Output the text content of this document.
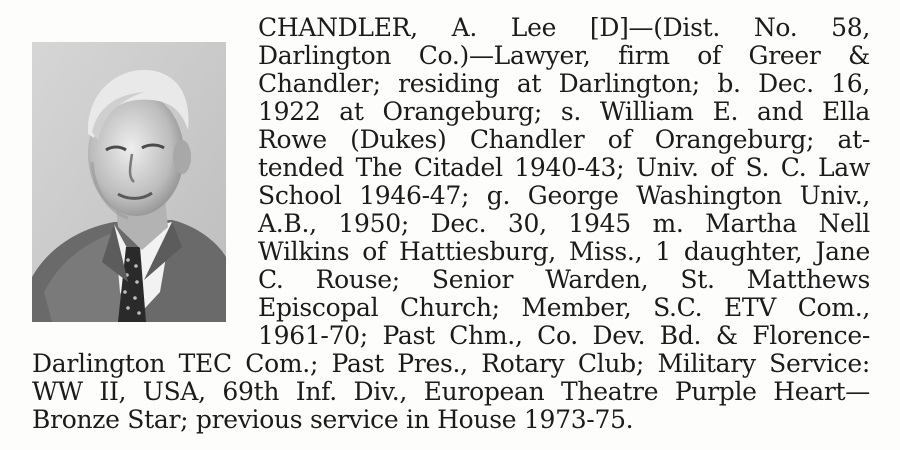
CHANDLER, A. Lee [D]—(Dist. No. 58,
Darlington Co.)—Lawyer, firm of Greer &
Chandler; residing at Darlington; b. Dec. 16,
1922 at Orangeburg; s. William E. and Ella
Rowe (Dukes) Chandler of Orangeburg; at-
tended The Citadel 1940-43; Univ. of S. C. Law
School 1946-47; g. George Washington Univ.,
A.B., 1950; Dec. 30, 1945 m. Martha Nell
Wilkins of Hattiesburg, Miss., 1 daughter, Jane
C. Rouse; Senior Warden, St. Matthews
Episcopal Church; Member, S.C. ETV Com.,
1961-70; Past Chm., Co. Dev. Bd. & Florence-
Darlington TEC Com.; Past Pres., Rotary Club; Military Service:
WW II, USA, 69th Inf. Div., European Theatre Purple Heart—
Bronze Star; previous service in House 1973-75.
